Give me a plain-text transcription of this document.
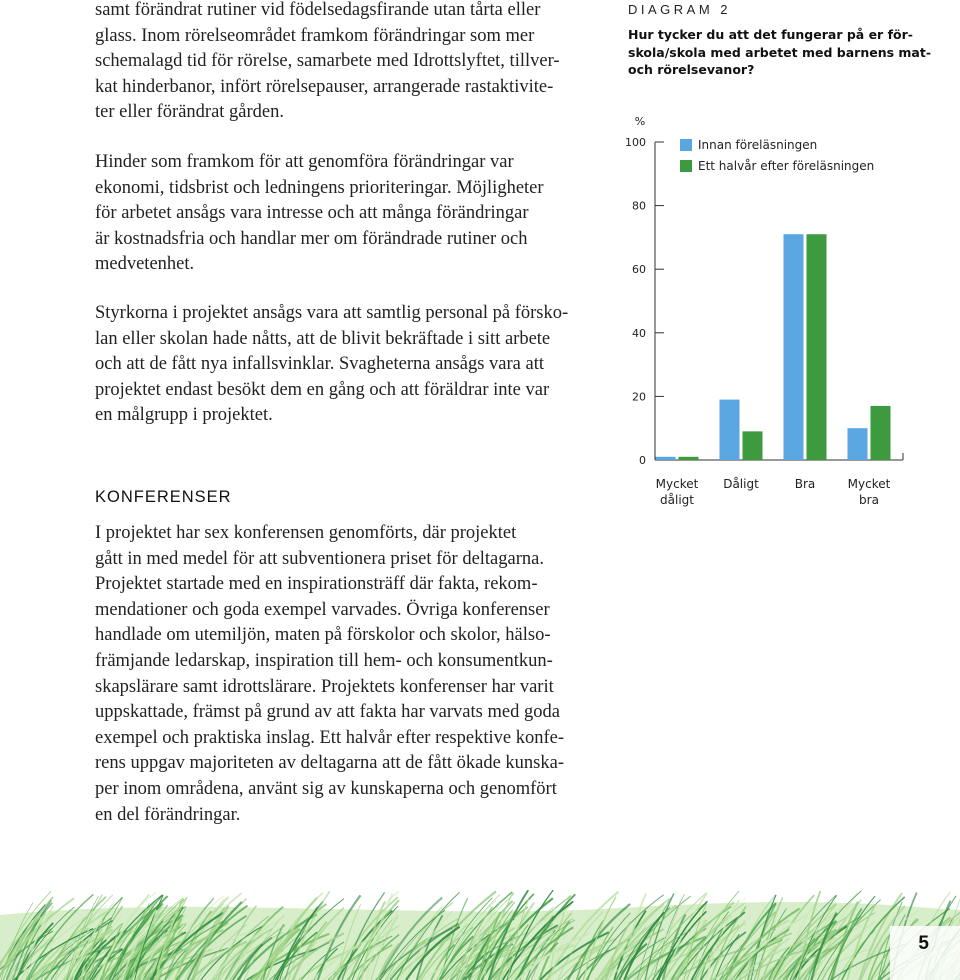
samt förändrat rutiner vid födelsedagsfirande utan tårta eller
glass. Inom rörelseområdet framkom förändringar som mer
schemalagd tid för rörelse, samarbete med Idrottslyftet, tillver-
kat hinderbanor, infört rörelsepauser, arrangerade rastaktivite-
ter eller förändrat gården.

Hinder som framkom för att genomföra förändringar var
ekonomi, tidsbrist och ledningens prioriteringar. Möjligheter
för arbetet ansågs vara intresse och att många förändringar
är kostnadsfria och handlar mer om förändrade rutiner och
medvetenhet.

Styrkorna i projektet ansågs vara att samtlig personal på försko-
lan eller skolan hade nåtts, att de blivit bekräftade i sitt arbete
och att de fått nya infallsvinklar. Svagheterna ansågs vara att
projektet endast besökt dem en gång och att föräldrar inte var
en målgrupp i projektet.

KONFERENSER

I projektet har sex konferensen genomförts, där projektet
gått in med medel för att subventionera priset för deltagarna.
Projektet startade med en inspirationsträff där fakta, rekom-
mendationer och goda exempel varvades. Övriga konferenser
handlade om utemiljön, maten på förskolor och skolor, hälso-
främjande ledarskap, inspiration till hem- och konsumentkun-
skapslärare samt idrottslärare. Projektets konferenser har varit
uppskattade, främst på grund av att fakta har varvats med goda
exempel och praktiska inslag. Ett halvår efter respektive konfe-
rens uppgav majoriteten av deltagarna att de fått ökade kunska-
per inom områdena, använt sig av kunskaperna och genomfört
en del förändringar.

DIAGRAM 2

Hur tycker du att det fungerar på er för-
skola/skola med arbetet med barnens mat-
och rörelsevanor?

%
0
20
40
60
80
100
Mycket
dåligt
Dåligt	Bra	Mycket
bra
Innan föreläsningen
Ett halvår efter föreläsningen
5
